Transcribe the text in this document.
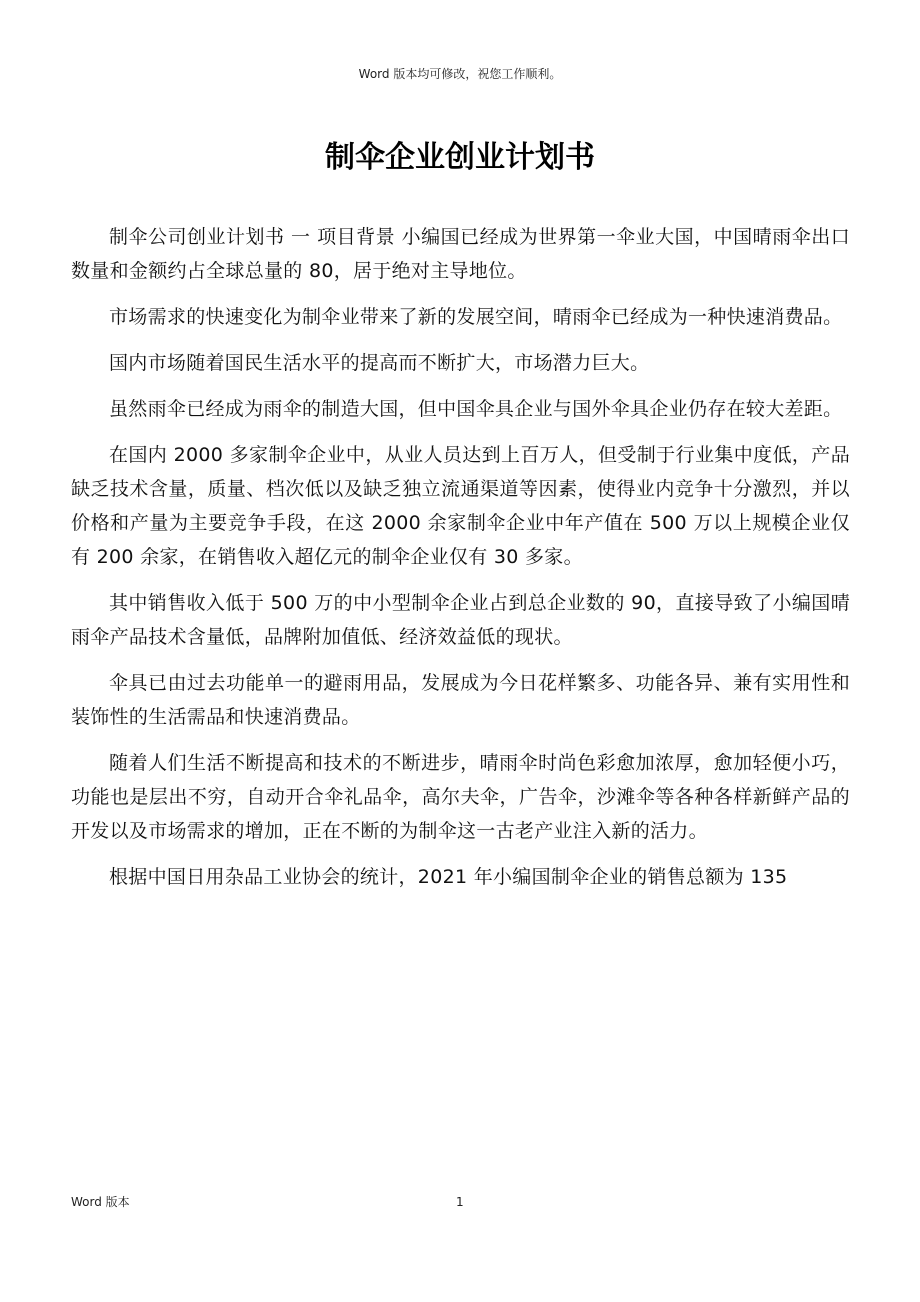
Word 版本均可修改，祝您工作顺利。
制伞企业创业计划书

制伞公司创业计划书 一 项目背景 小编国已经成为世界第一伞业大国，中国晴雨伞出口数量和金额约占全球总量的 80，居于绝对主导地位。

市场需求的快速变化为制伞业带来了新的发展空间，晴雨伞已经成为一种快速消费品。

国内市场随着国民生活水平的提高而不断扩大，市场潜力巨大。

虽然雨伞已经成为雨伞的制造大国，但中国伞具企业与国外伞具企业仍存在较大差距。

在国内 2000 多家制伞企业中，从业人员达到上百万人，但受制于行业集中度低，产品缺乏技术含量，质量、档次低以及缺乏独立流通渠道等因素，使得业内竞争十分激烈，并以价格和产量为主要竞争手段，在这 2000 余家制伞企业中年产值在 500 万以上规模企业仅有 200 余家，在销售收入超亿元的制伞企业仅有 30 多家。

其中销售收入低于 500 万的中小型制伞企业占到总企业数的 90，直接导致了小编国晴雨伞产品技术含量低，品牌附加值低、经济效益低的现状。

伞具已由过去功能单一的避雨用品，发展成为今日花样繁多、功能各异、兼有实用性和装饰性的生活需品和快速消费品。

随着人们生活不断提高和技术的不断进步，晴雨伞时尚色彩愈加浓厚，愈加轻便小巧，功能也是层出不穷，自动开合伞礼品伞，高尔夫伞，广告伞，沙滩伞等各种各样新鲜产品的开发以及市场需求的增加，正在不断的为制伞这一古老产业注入新的活力。

根据中国日用杂品工业协会的统计，2021 年小编国制伞企业的销售总额为 135

Word 版本	1
